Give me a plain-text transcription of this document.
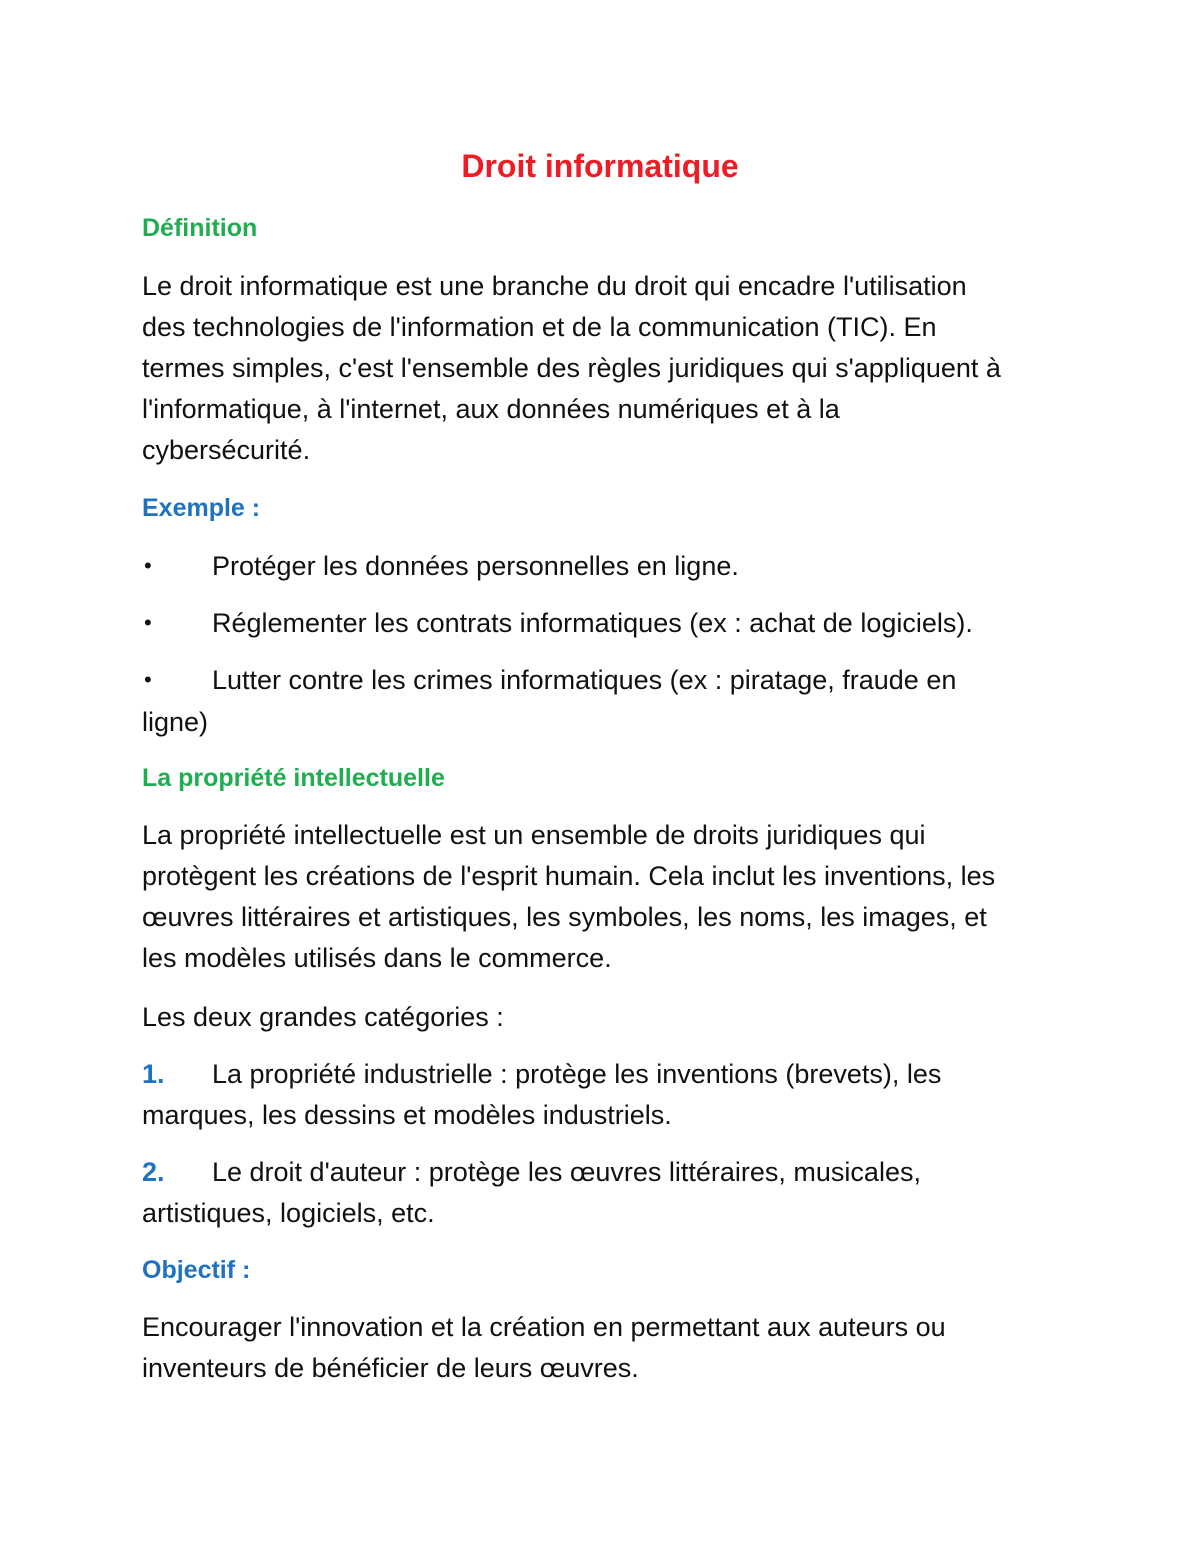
Droit informatique
Définition
Le droit informatique est une branche du droit qui encadre l'utilisation
des technologies de l'information et de la communication (TIC). En
termes simples, c'est l'ensemble des règles juridiques qui s'appliquent à
l'informatique, à l'internet, aux données numériques et à la
cybersécurité.
Exemple :
• Protéger les données personnelles en ligne.
• Réglementer les contrats informatiques (ex : achat de logiciels).
• Lutter contre les crimes informatiques (ex : piratage, fraude en
ligne)
La propriété intellectuelle
La propriété intellectuelle est un ensemble de droits juridiques qui
protègent les créations de l'esprit humain. Cela inclut les inventions, les
œuvres littéraires et artistiques, les symboles, les noms, les images, et
les modèles utilisés dans le commerce.
Les deux grandes catégories :
1. La propriété industrielle : protège les inventions (brevets), les
marques, les dessins et modèles industriels.
2. Le droit d'auteur : protège les œuvres littéraires, musicales,
artistiques, logiciels, etc.
Objectif :
Encourager l'innovation et la création en permettant aux auteurs ou
inventeurs de bénéficier de leurs œuvres.
